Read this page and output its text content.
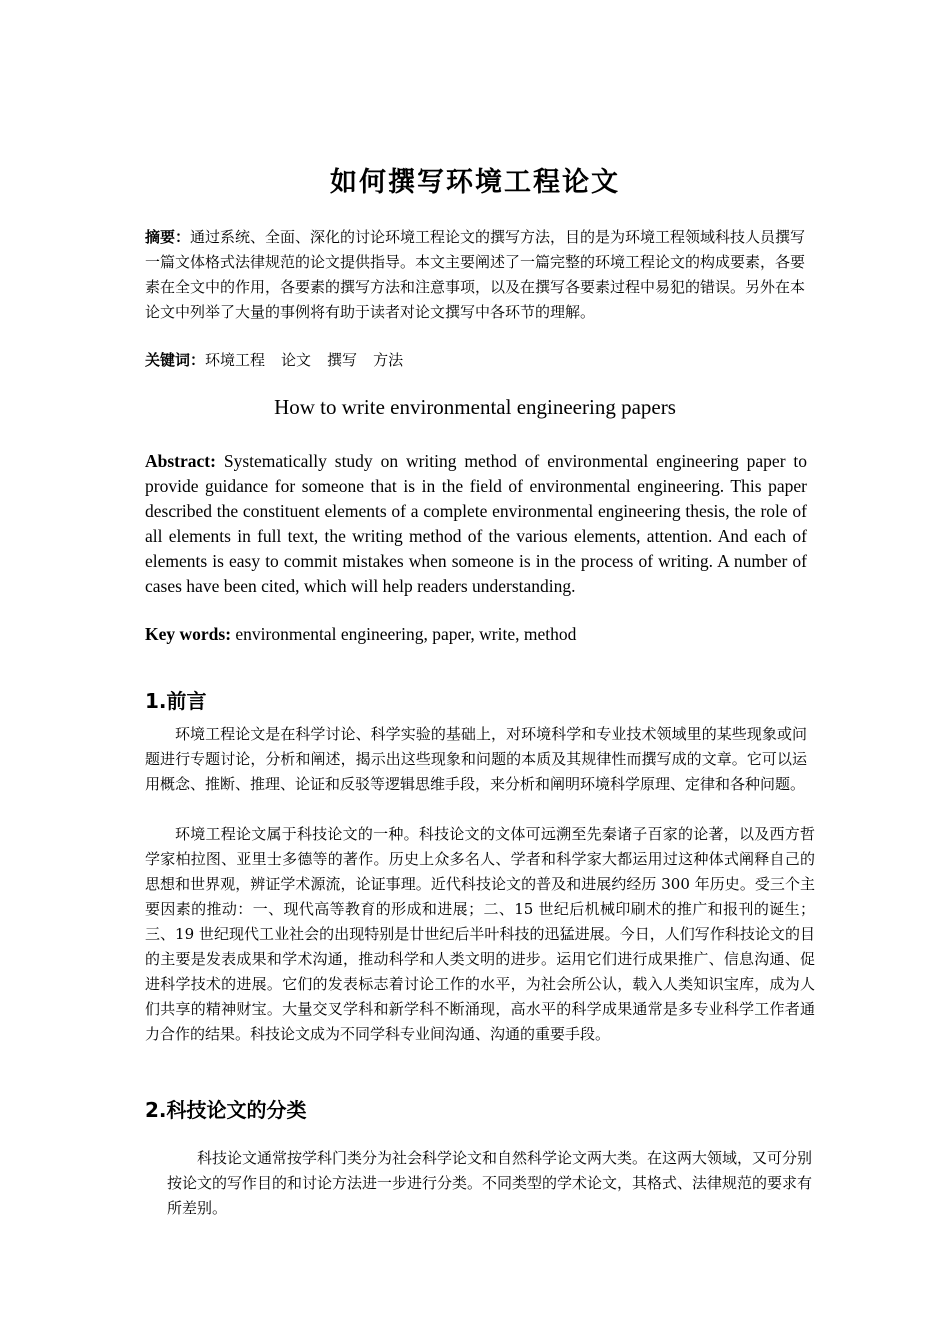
如何撰写环境工程论文
摘要：通过系统、全面、深化的讨论环境工程论文的撰写方法，目的是为环境工程领域科技人员撰写一篇文体格式法律规范的论文提供指导。本文主要阐述了一篇完整的环境工程论文的构成要素，各要素在全文中的作用，各要素的撰写方法和注意事项，以及在撰写各要素过程中易犯的错误。另外在本论文中列举了大量的事例将有助于读者对论文撰写中各环节的理解。
关键词：环境工程 论文 撰写 方法
How to write environmental engineering papers
Abstract: Systematically study on writing method of environmental engineering paper to provide guidance for someone that is in the field of environmental engineering. This paper described the constituent elements of a complete environmental engineering thesis, the role of all elements in full text, the writing method of the various elements, attention. And each of elements is easy to commit mistakes when someone is in the process of writing. A number of cases have been cited, which will help readers understanding.
Key words: environmental engineering, paper, write, method
1.前言
环境工程论文是在科学讨论、科学实验的基础上，对环境科学和专业技术领域里的某些现象或问题进行专题讨论，分析和阐述，揭示出这些现象和问题的本质及其规律性而撰写成的文章。它可以运用概念、推断、推理、论证和反驳等逻辑思维手段，来分析和阐明环境科学原理、定律和各种问题。
环境工程论文属于科技论文的一种。科技论文的文体可远溯至先秦诸子百家的论著，以及西方哲学家柏拉图、亚里士多德等的著作。历史上众多名人、学者和科学家大都运用过这种体式阐释自己的思想和世界观，辨证学术源流，论证事理。近代科技论文的普及和进展约经历 300 年历史。受三个主要因素的推动：一、现代高等教育的形成和进展；二、15 世纪后机械印刷术的推广和报刊的诞生；三、19 世纪现代工业社会的出现特别是廿世纪后半叶科技的迅猛进展。今日，人们写作科技论文的目的主要是发表成果和学术沟通，推动科学和人类文明的进步。运用它们进行成果推广、信息沟通、促进科学技术的进展。它们的发表标志着讨论工作的水平，为社会所公认，载入人类知识宝库，成为人们共享的精神财宝。大量交叉学科和新学科不断涌现，高水平的科学成果通常是多专业科学工作者通力合作的结果。科技论文成为不同学科专业间沟通、沟通的重要手段。
2.科技论文的分类
科技论文通常按学科门类分为社会科学论文和自然科学论文两大类。在这两大领域，又可分别按论文的写作目的和讨论方法进一步进行分类。不同类型的学术论文，其格式、法律规范的要求有所差别。
